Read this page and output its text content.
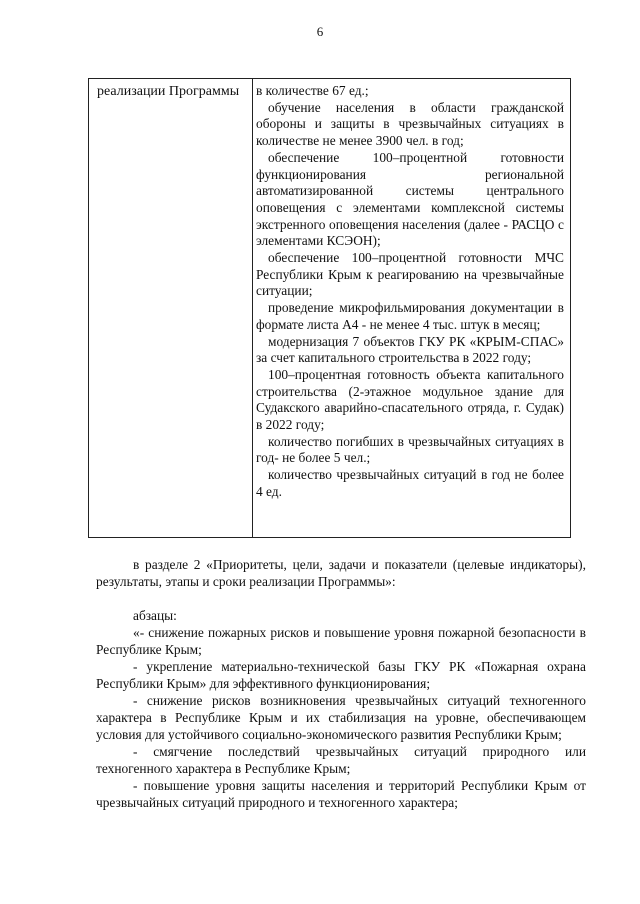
6
реализации Программы	в количестве 67 ед.;

обучение населения в области гражданской обороны и защиты в чрезвычайных ситуациях в количестве не менее 3900 чел. в год;

обеспечение 100–процентной готовности функционирования региональной автоматизированной системы центрального оповещения с элементами комплексной системы экстренного оповещения населения (далее - РАСЦО с элементами КСЭОН);

обеспечение 100–процентной готовности МЧС Республики Крым к реагированию на чрезвычайные ситуации;

проведение микрофильмирования документации в формате листа А4 - не менее 4 тыс. штук в месяц;

модернизация 7 объектов ГКУ РК «КРЫМ-СПАС» за счет капитального строительства в 2022 году;

100–процентная готовность объекта капитального строительства (2-этажное модульное здание для Судакского аварийно-спасательного отряда, г. Судак) в 2022 году;

количество погибших в чрезвычайных ситуациях в год- не более 5 чел.;

количество чрезвычайных ситуаций в год не более 4 ед.

в разделе 2 «Приоритеты, цели, задачи и показатели (целевые индикаторы), результаты, этапы и сроки реализации Программы»:

абзацы:

«- снижение пожарных рисков и повышение уровня пожарной безопасности в Республике Крым;

- укрепление материально-технической базы ГКУ РК «Пожарная охрана Республики Крым» для эффективного функционирования;

- снижение рисков возникновения чрезвычайных ситуаций техногенного характера в Республике Крым и их стабилизация на уровне, обеспечивающем условия для устойчивого социально-экономического развития Республики Крым;

- смягчение последствий чрезвычайных ситуаций природного или техногенного характера в Республике Крым;

- повышение уровня защиты населения и территорий Республики Крым от чрезвычайных ситуаций природного и техногенного характера;
